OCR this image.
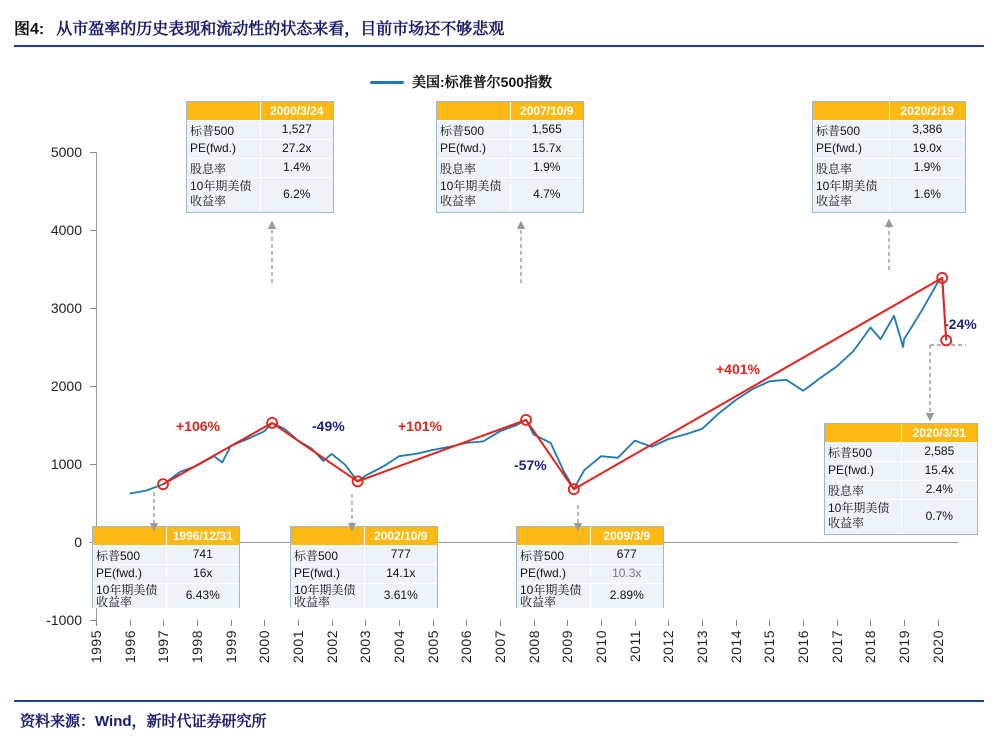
图4: 从市盈率的历史表现和流动性的状态来看，目前市场还不够悲观
美国:标准普尔500指数
5000
4000
3000
2000
1000
0
-1000
1995 1996 1997 1998 1999 2000 2001 2002 2003 2004 2005 2006 2007 2008 2009 2010 2011 2012 2013 2014 2015 2016 2017 2018 2019 2020
2000/3/24
标普500	1,527
PE(fwd.)	27.2x
股息率	1.4%
10年期美债收益率	6.2%
2007/10/9
标普500	1,565
PE(fwd.)	15.7x
股息率	1.9%
10年期美债收益率	4.7%
2020/2/19
标普500	3,386
PE(fwd.)	19.0x
股息率	1.9%
10年期美债收益率	1.6%
2020/3/31
标普500	2,585
PE(fwd.)	15.4x
股息率	2.4%
10年期美债收益率	0.7%
1996/12/31
标普500	741
PE(fwd.)	16x
10年期美债收益率	6.43%
2002/10/9
标普500	777
PE(fwd.)	14.1x
10年期美债收益率	3.61%
2009/3/9
标普500	677
PE(fwd.)	10.3x
10年期美债收益率	2.89%
+106%	-49%	+101%
-57%
+401%
-24%
资料来源：Wind，新时代证券研究所
